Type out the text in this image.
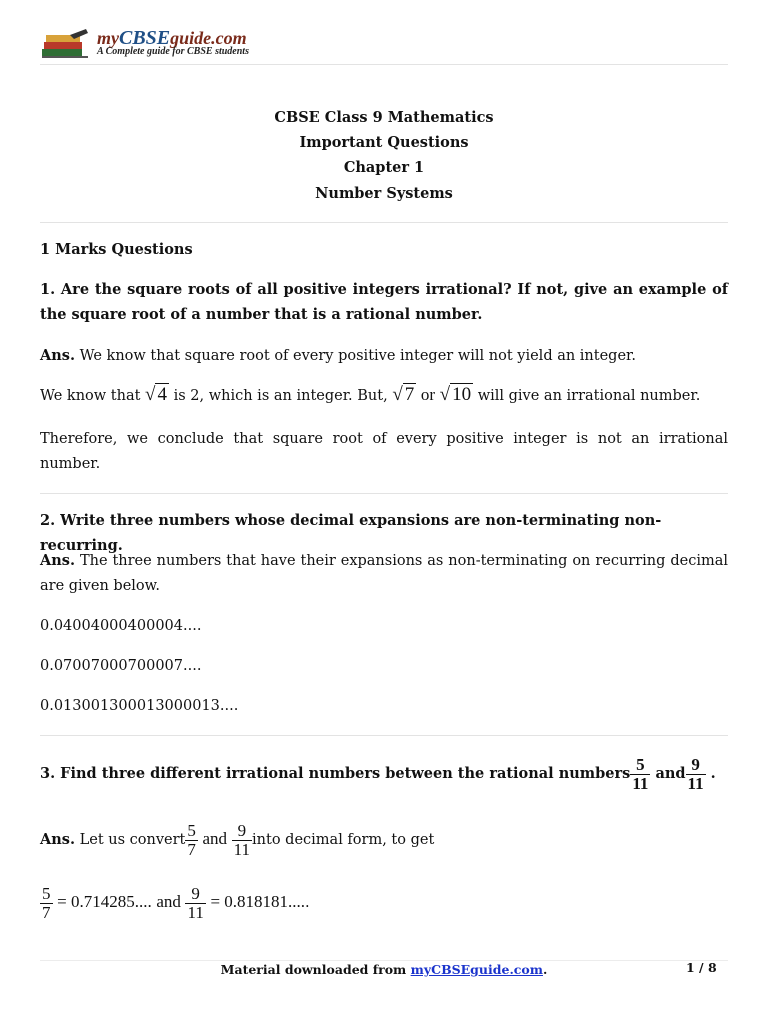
myCBSEguide.com
A Complete guide for CBSE students
CBSE Class 9 Mathematics
Important Questions
Chapter 1
Number Systems
1 Marks Questions
1. Are the square roots of all positive integers irrational? If not, give an example of the square root of a number that is a rational number.
Ans. We know that square root of every positive integer will not yield an integer.
We know that √ 4 is 2, which is an integer. But, √ 7 or √ 10 will give an irrational number.
Therefore, we conclude that square root of every positive integer is not an irrational
number.
2. Write three numbers whose decimal expansions are non-terminating non-recurring.
Ans. The three numbers that have their expansions as non-terminating on recurring decimal
are given below.
0.04004000400004....
0.07007000700007....
0.013001300013000013....
3. Find three different irrational numbers between the rational numbers $\frac{5}{11}$ and $\frac{9}{11}$ .
Ans. Let us convert $\frac{5}{7}$ and $\frac{9}{11}$ into decimal form, to get
$\frac{5}{7} = 0.714285$.... and $\frac{9}{11} = 0.818181$.....
Material downloaded from myCBSEguide.com.	1 / 8
